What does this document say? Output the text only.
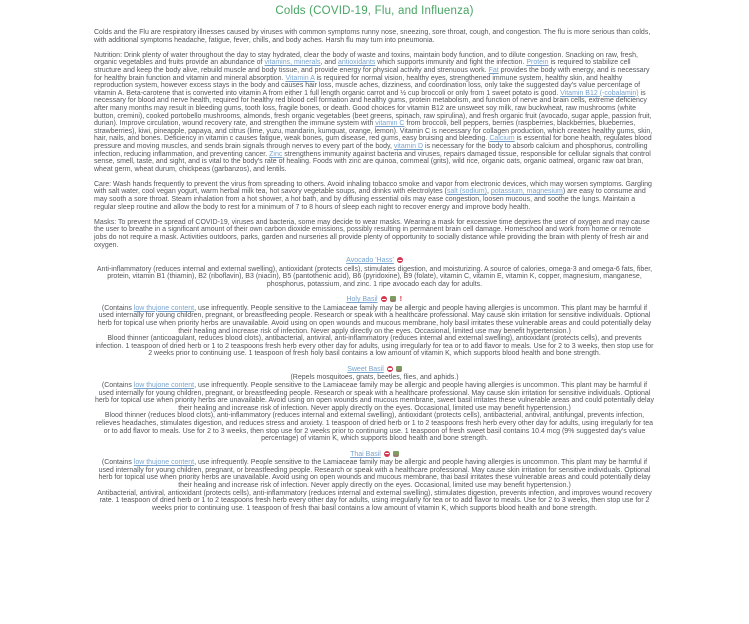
Colds (COVID-19, Flu, and Influenza)

Colds and the Flu are respiratory illnesses caused by viruses with common symptoms runny nose, sneezing, sore throat, cough, and congestion. The flu is more serious than colds, with additional symptoms headache, fatigue, fever, chills, and body aches. Harsh flu may turn into pneumonia.

Nutrition: Drink plenty of water throughout the day to stay hydrated, clear the body of waste and toxins, maintain body function, and to dilute congestion. Snacking on raw, fresh, organic vegetables and fruits provide an abundance of vitamins, minerals, and antioxidants which supports immunity and fight the infection. Protein is required to stabilize cell structure and keep the body alive, rebuild muscle and body tissue, and provide energy for physical activity and strenuous work. Fat provides the body with energy, and is necessary for healthy brain function and vitamin and mineral absorption. Vitamin A is required for normal vision, healthy eyes, strengthened immune system, healthy skin, and healthy reproduction system, however excess stays in the body and causes hair loss, muscle aches, dizziness, and coordination loss, only take the suggested day's value percentage of vitamin A. Beta-carotene that is converted into vitamin A from either 1 full length organic carrot and ½ cup broccoli or only from 1 sweet potato is good. Vitamin B12 (-cobalamin) is necessary for blood and nerve health, required for healthy red blood cell formation and healthy gums, protein metabolism, and function of nerve and brain cells, extreme deficiency after many months may result in bleeding gums, tooth loss, fragile bones, or death. Good choices for vitamin B12 are unsweet soy milk, raw buckwheat, raw mushrooms (white button, cremini), cooked portobello mushrooms, almonds, fresh organic vegetables (beet greens, spinach, raw spirulina), and fresh organic fruit (avocado, sugar apple, passion fruit, durian). Improve circulation, wound recovery rate, and strengthen the immune system with vitamin C from broccoli, bell peppers, berries (raspberries, blackberries, blueberries, strawberries), kiwi, pineapple, papaya, and citrus (lime, yuzu, mandarin, kumquat, orange, lemon). Vitamin C is necessary for collagen production, which creates healthy gums, skin, hair, nails, and bones. Deficiency in vitamin c causes fatigue, weak bones, gum disease, red gums, easy bruising and bleeding. Calcium is essential for bone health, regulates blood pressure and moving muscles, and sends brain signals through nerves to every part of the body, vitamin D is necessary for the body to absorb calcium and phosphorus, controlling infection, reducing inflammation, and preventing cancer. Zinc strengthens immunity against bacteria and viruses, repairs damaged tissue, responsible for cellular signals that control sense, smell, taste, and sight, and is vital to the body's rate of healing. Foods with zinc are quinoa, cornmeal (grits), wild rice, organic oats, organic oatmeal, organic raw oat bran, wheat germ, wheat durum, chickpeas (garbanzos), and lentils.

Care: Wash hands frequently to prevent the virus from spreading to others. Avoid inhaling tobacco smoke and vapor from electronic devices, which may worsen symptoms. Gargling with salt water, cool vegan yogurt, warm herbal milk tea, hot savory vegetable soups, and drinks with electrolytes (salt (sodium), potassium, magnesium) are easy to consume and may sooth a sore throat. Steam inhalation from a hot shower, a hot bath, and by diffusing essential oils may ease congestion, loosen mucous, and soothe the lungs. Maintain a regular sleep routine and allow the body to rest for a minimum of 7 to 8 hours of sleep each night to recover energy and improve body health.

Masks: To prevent the spread of COVID-19, viruses and bacteria, some may decide to wear masks. Wearing a mask for excessive time deprives the user of oxygen and may cause the user to breathe in a significant amount of their own carbon dioxide emissions, possibly resulting in permanent brain cell damage. Homeschool and work from home or remote jobs do not require a mask. Activities outdoors, parks, garden and nurseries all provide plenty of opportunity to socially distance while providing the brain with plenty of fresh air and oxygen.

Avocado 'Hass'

Anti-inflammatory (reduces internal and external swelling), antioxidant (protects cells), stimulates digestion, and moisturizing. A source of calories, omega-3 and omega-6 fats, fiber, protein, vitamin B1 (thiamin), B2 (riboflavin), B3 (niacin), B5 (pantothenic acid), B6 (pyridoxine), B9 (folate), vitamin C, vitamin E, vitamin K, copper, magnesium, manganese, phosphorus, potassium, and zinc. 1 ripe avocado each day for adults.

Holy Basil!

(Contains low thujone content, use infrequently. People sensitive to the Lamiaceae family may be allergic and people having allergies is uncommon. This plant may be harmful if used internally for young children, pregnant, or breastfeeding people. Research or speak with a healthcare professional. May cause skin irritation for sensitive individuals. Optional herb for topical use when priority herbs are unavailable. Avoid using on open wounds and mucous membrane, holy basil irritates these vulnerable areas and could potentially delay their healing and increase risk of infection. Never apply directly on the eyes. Occasional, limited use may benefit hypertension.)

Blood thinner (anticoagulant, reduces blood clots), antibacterial, antiviral, anti-inflammatory (reduces internal and external swelling), antioxidant (protects cells), and prevents infection. 1 teaspoon of dried herb or 1 to 2 teaspoons fresh herb every other day for adults, using irregularly for tea or to add flavor to meals. Use for 2 to 3 weeks, then stop use for 2 weeks prior to continuing use. 1 teaspoon of fresh holy basil contains a low amount of vitamin K, which supports blood health and bone strength.

Sweet Basil

(Repels mosquitoes, gnats, beetles, flies, and aphids.)

(Contains low thujone content, use infrequently. People sensitive to the Lamiaceae family may be allergic and people having allergies is uncommon. This plant may be harmful if used internally for young children, pregnant, or breastfeeding people. Research or speak with a healthcare professional. May cause skin irritation for sensitive individuals. Optional herb for topical use when priority herbs are unavailable. Avoid using on open wounds and mucous membrane, sweet basil irritates these vulnerable areas and could potentially delay their healing and increase risk of infection. Never apply directly on the eyes. Occasional, limited use may benefit hypertension.)

Blood thinner (reduces blood clots), anti-inflammatory (reduces internal and external swelling), antioxidant (protects cells), antibacterial, antiviral, antifungal, prevents infection, relieves headaches, stimulates digestion, and reduces stress and anxiety. 1 teaspoon of dried herb or 1 to 2 teaspoons fresh herb every other day for adults, using irregularly for tea or to add flavor to meals. Use for 2 to 3 weeks, then stop use for 2 weeks prior to continuing use. 1 teaspoon of fresh sweet basil contains 10.4 mcg (9% suggested day's value percentage) of vitamin K, which supports blood health and bone strength.

Thai Basil

(Contains low thujone content, use infrequently. People sensitive to the Lamiaceae family may be allergic and people having allergies is uncommon. This plant may be harmful if used internally for young children, pregnant, or breastfeeding people. Research or speak with a healthcare professional. May cause skin irritation for sensitive individuals. Optional herb for topical use when priority herbs are unavailable. Avoid using on open wounds and mucous membrane, thai basil irritates these vulnerable areas and could potentially delay their healing and increase risk of infection. Never apply directly on the eyes. Occasional, limited use may benefit hypertension.)

Antibacterial, antiviral, antioxidant (protects cells), anti-inflammatory (reduces internal and external swelling), stimulates digestion, prevents infection, and improves wound recovery rate. 1 teaspoon of dried herb or 1 to 2 teaspoons fresh herb every other day for adults, using irregularly for tea or to add flavor to meals. Use for 2 to 3 weeks, then stop use for 2 weeks prior to continuing use. 1 teaspoon of fresh thai basil contains a low amount of vitamin K, which supports blood health and bone strength.
